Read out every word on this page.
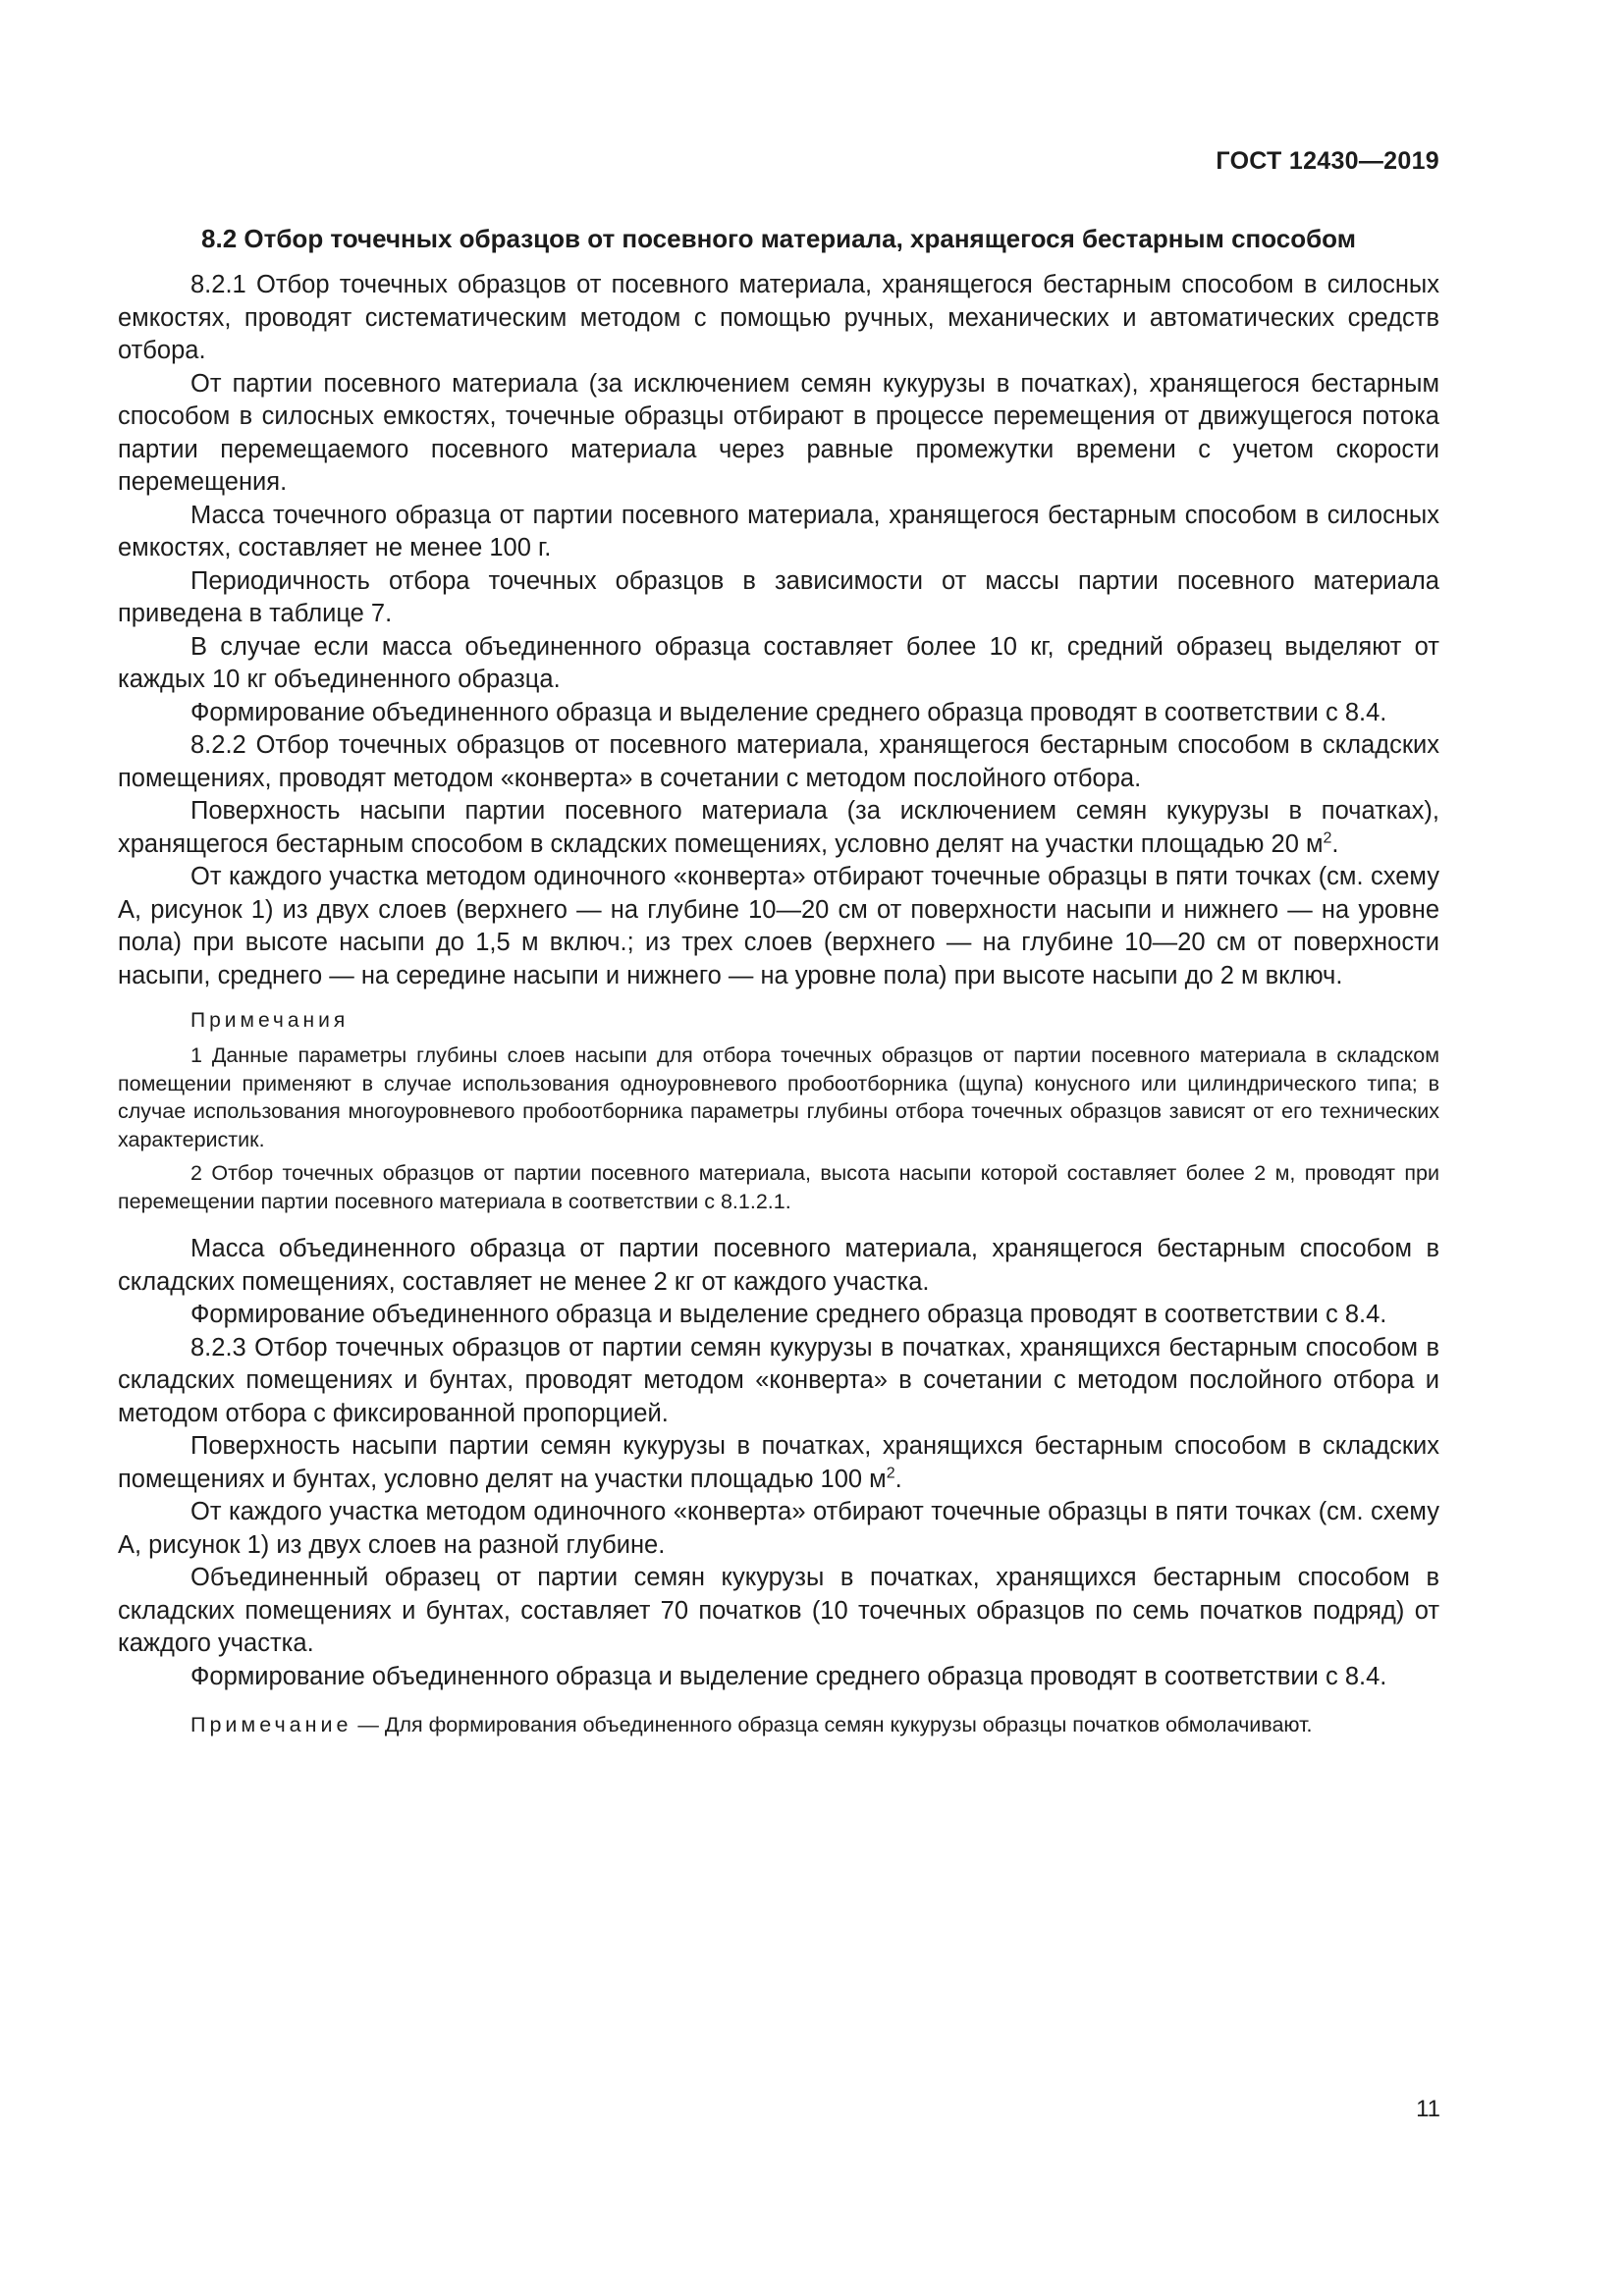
ГОСТ 12430—2019
8.2 Отбор точечных образцов от посевного материала, хранящегося бестарным способом

8.2.1 Отбор точечных образцов от посевного материала, хранящегося бестарным способом в силосных емкостях, проводят систематическим методом с помощью ручных, механических и автоматических средств отбора.

От партии посевного материала (за исключением семян кукурузы в початках), хранящегося бестарным способом в силосных емкостях, точечные образцы отбирают в процессе перемещения от движущегося потока партии перемещаемого посевного материала через равные промежутки времени с учетом скорости перемещения.

Масса точечного образца от партии посевного материала, хранящегося бестарным способом в силосных емкостях, составляет не менее 100 г.

Периодичность отбора точечных образцов в зависимости от массы партии посевного материала приведена в таблице 7.

В случае если масса объединенного образца составляет более 10 кг, средний образец выделяют от каждых 10 кг объединенного образца.

Формирование объединенного образца и выделение среднего образца проводят в соответствии с 8.4.

8.2.2 Отбор точечных образцов от посевного материала, хранящегося бестарным способом в складских помещениях, проводят методом «конверта» в сочетании с методом послойного отбора.

Поверхность насыпи партии посевного материала (за исключением семян кукурузы в початках), хранящегося бестарным способом в складских помещениях, условно делят на участки площадью 20 $м^2$.

От каждого участка методом одиночного «конверта» отбирают точечные образцы в пяти точках (см. схему А, рисунок 1) из двух слоев (верхнего — на глубине 10—20 см от поверхности насыпи и нижнего — на уровне пола) при высоте насыпи до 1,5 м включ.; из трех слоев (верхнего — на глубине 10—20 см от поверхности насыпи, среднего — на середине насыпи и нижнего — на уровне пола) при высоте насыпи до 2 м включ.

Примечания

1 Данные параметры глубины слоев насыпи для отбора точечных образцов от партии посевного материала в складском помещении применяют в случае использования одноуровневого пробоотборника (щупа) конусного или цилиндрического типа; в случае использования многоуровневого пробоотборника параметры глубины отбора точечных образцов зависят от его технических характеристик.

2 Отбор точечных образцов от партии посевного материала, высота насыпи которой составляет более 2 м, проводят при перемещении партии посевного материала в соответствии с 8.1.2.1.

Масса объединенного образца от партии посевного материала, хранящегося бестарным способом в складских помещениях, составляет не менее 2 кг от каждого участка.

Формирование объединенного образца и выделение среднего образца проводят в соответствии с 8.4.

8.2.3 Отбор точечных образцов от партии семян кукурузы в початках, хранящихся бестарным способом в складских помещениях и бунтах, проводят методом «конверта» в сочетании с методом послойного отбора и методом отбора с фиксированной пропорцией.

Поверхность насыпи партии семян кукурузы в початках, хранящихся бестарным способом в складских помещениях и бунтах, условно делят на участки площадью 100 $м^2$.

От каждого участка методом одиночного «конверта» отбирают точечные образцы в пяти точках (см. схему А, рисунок 1) из двух слоев на разной глубине.

Объединенный образец от партии семян кукурузы в початках, хранящихся бестарным способом в складских помещениях и бунтах, составляет 70 початков (10 точечных образцов по семь початков подряд) от каждого участка.

Формирование объединенного образца и выделение среднего образца проводят в соответствии с 8.4.

Примечание — Для формирования объединенного образца семян кукурузы образцы початков обмолачивают.

11
